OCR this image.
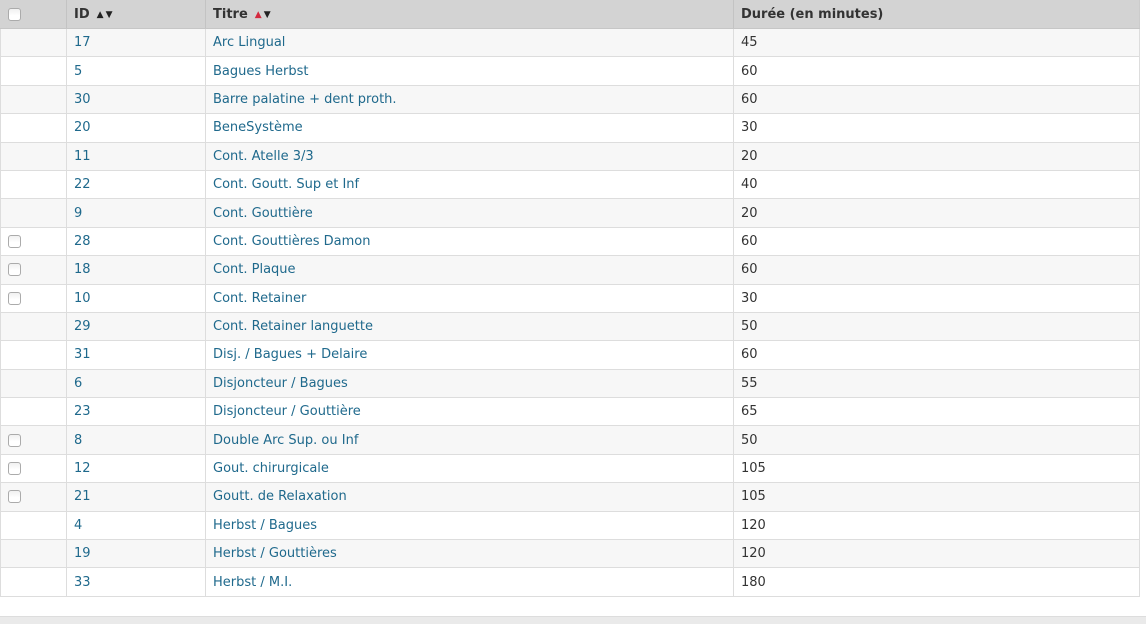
	ID ▲ ▼	Titre ▲ ▼	Durée (en minutes)
	17	Arc Lingual	45
	5	Bagues Herbst	60
	30	Barre palatine + dent proth.	60
	20	BeneSystème	30
	11	Cont. Atelle 3/3	20
	22	Cont. Goutt. Sup et Inf	40
	9	Cont. Gouttière	20
	28	Cont. Gouttières Damon	60
	18	Cont. Plaque	60
	10	Cont. Retainer	30
	29	Cont. Retainer languette	50
	31	Disj. / Bagues + Delaire	60
	6	Disjoncteur / Bagues	55
	23	Disjoncteur / Gouttière	65
	8	Double Arc Sup. ou Inf	50
	12	Gout. chirurgicale	105
	21	Goutt. de Relaxation	105
	4	Herbst / Bagues	120
	19	Herbst / Gouttières	120
	33	Herbst / M.I.	180
